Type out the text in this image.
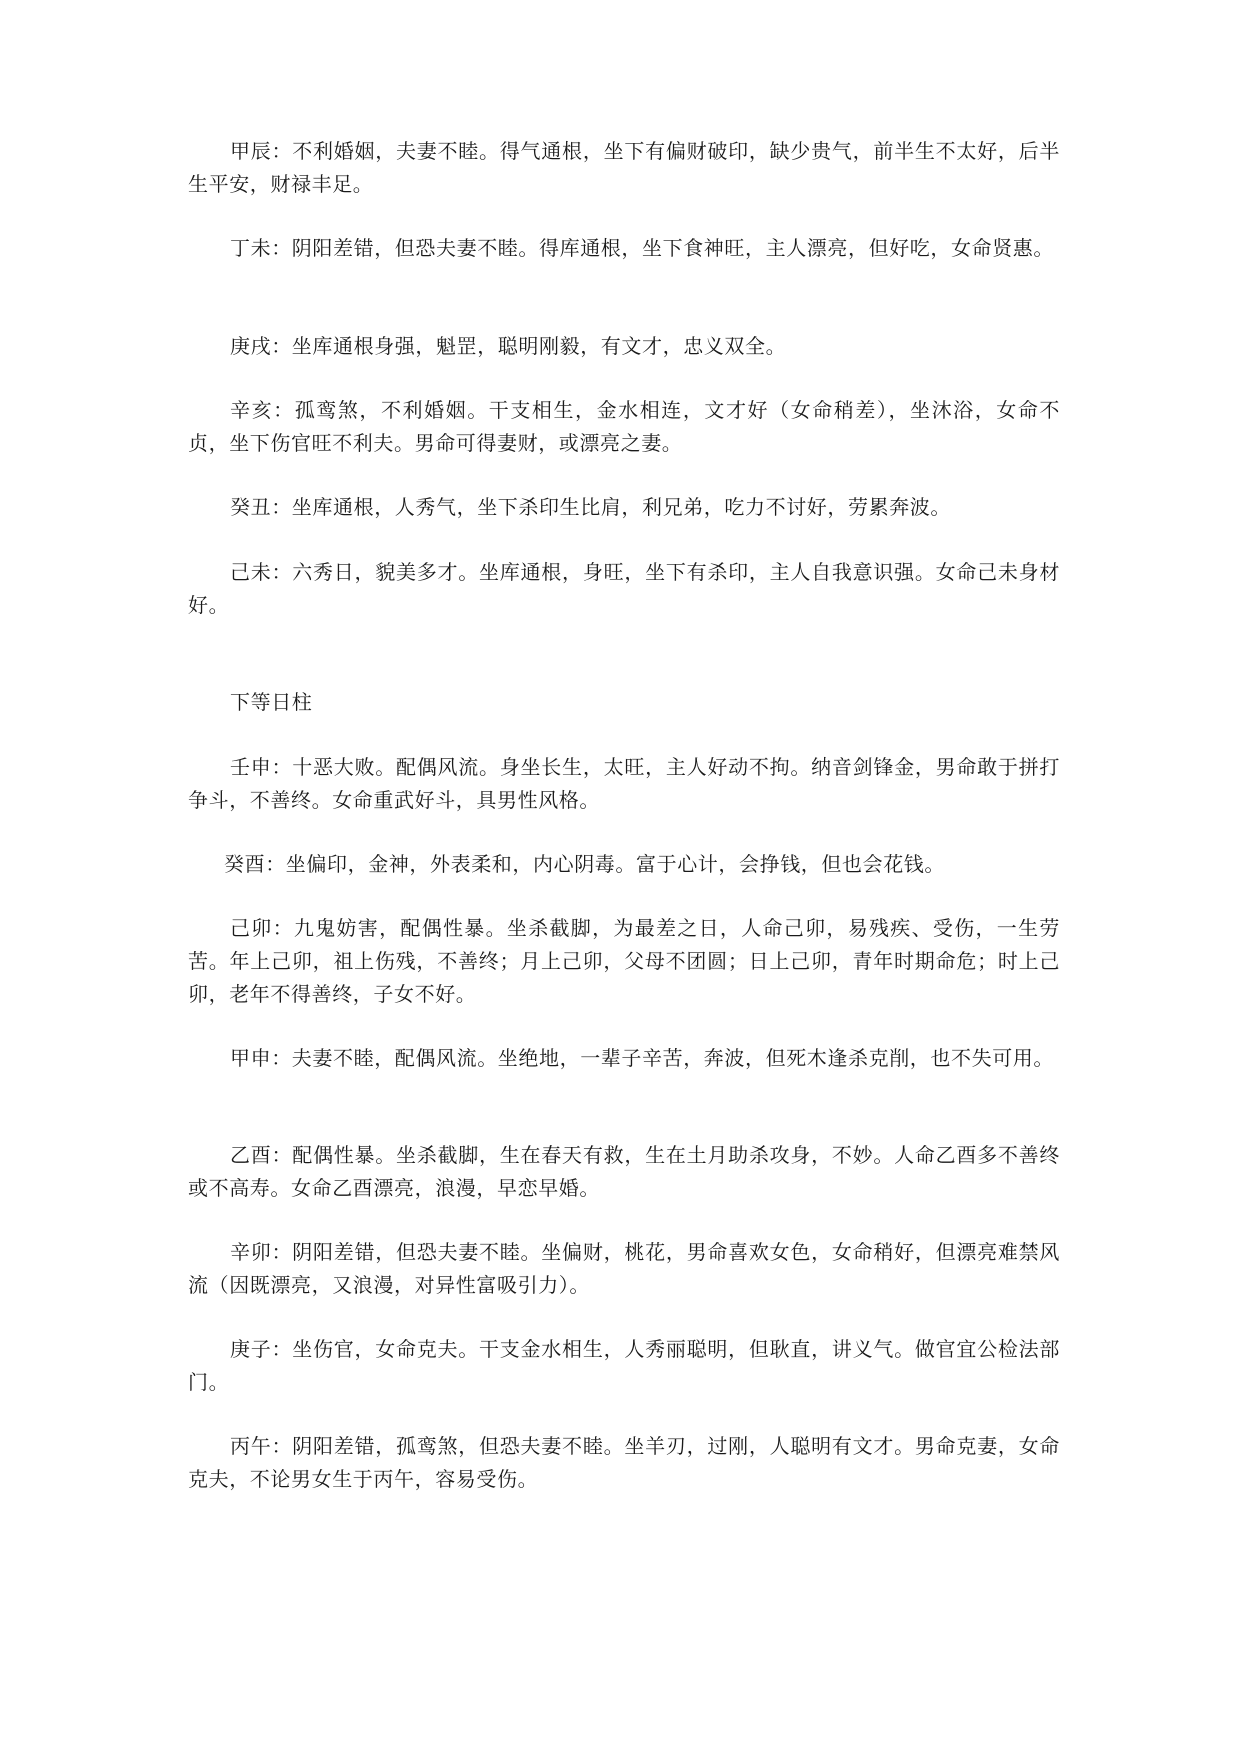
甲辰：不利婚姻，夫妻不睦。得气通根，坐下有偏财破印，缺少贵气，前半生不太好，后半生平安，财禄丰足。

丁未：阴阳差错，但恐夫妻不睦。得库通根，坐下食神旺，主人漂亮，但好吃，女命贤惠。

庚戌：坐库通根身强，魁罡，聪明刚毅，有文才，忠义双全。

辛亥：孤鸾煞，不利婚姻。干支相生，金水相连，文才好（女命稍差），坐沐浴，女命不贞，坐下伤官旺不利夫。男命可得妻财，或漂亮之妻。

癸丑：坐库通根，人秀气，坐下杀印生比肩，利兄弟，吃力不讨好，劳累奔波。

己未：六秀日，貌美多才。坐库通根，身旺，坐下有杀印，主人自我意识强。女命己未身材好。

下等日柱

壬申：十恶大败。配偶风流。身坐长生，太旺，主人好动不拘。纳音剑锋金，男命敢于拼打争斗，不善终。女命重武好斗，具男性风格。

癸酉：坐偏印，金神，外表柔和，内心阴毒。富于心计，会挣钱，但也会花钱。

己卯：九鬼妨害，配偶性暴。坐杀截脚，为最差之日，人命己卯，易残疾、受伤，一生劳苦。年上己卯，祖上伤残，不善终；月上己卯，父母不团圆；日上己卯，青年时期命危；时上己卯，老年不得善终，子女不好。

甲申：夫妻不睦，配偶风流。坐绝地，一辈子辛苦，奔波，但死木逢杀克削，也不失可用。

乙酉：配偶性暴。坐杀截脚，生在春天有救，生在土月助杀攻身，不妙。人命乙酉多不善终或不高寿。女命乙酉漂亮，浪漫，早恋早婚。

辛卯：阴阳差错，但恐夫妻不睦。坐偏财，桃花，男命喜欢女色，女命稍好，但漂亮难禁风流（因既漂亮，又浪漫，对异性富吸引力）。

庚子：坐伤官，女命克夫。干支金水相生，人秀丽聪明，但耿直，讲义气。做官宜公检法部门。

丙午：阴阳差错，孤鸾煞，但恐夫妻不睦。坐羊刃，过刚，人聪明有文才。男命克妻，女命克夫，不论男女生于丙午，容易受伤。
